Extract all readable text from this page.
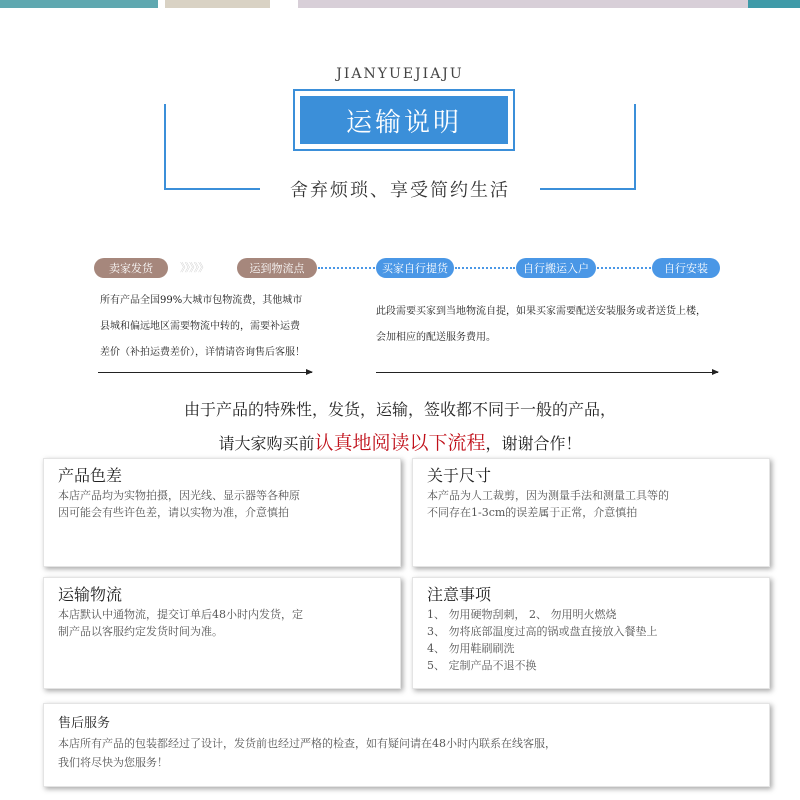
JIANYUEJIAJU
运输说明
舍弃烦琐、享受简约生活
卖家发货	》》》》》	运到物流点	买家自行提货	自行搬运入户	自行安装
所有产品全国99%大城市包物流费，其他城市
县城和偏远地区需要物流中转的，需要补运费
差价（补拍运费差价），详情请咨询售后客服！
此段需要买家到当地物流自提，如果买家需要配送安装服务或者送货上楼，
会加相应的配送服务费用。
由于产品的特殊性，发货，运输，签收都不同于一般的产品，
请大家购买前认真地阅读以下流程，谢谢合作！
产品色差
本店产品均为实物拍摄，因光线、显示器等各种原
因可能会有些许色差，请以实物为准，介意慎拍
关于尺寸
本产品为人工裁剪，因为测量手法和测量工具等的
不同存在1-3cm的误差属于正常，介意慎拍
运输物流
本店默认中通物流，提交订单后48小时内发货，定
制产品以客服约定发货时间为准。
注意事项
1、 勿用硬物刮刺， 2、 勿用明火燃烧
3、 勿将底部温度过高的锅或盘直接放入餐垫上
4、 勿用鞋刷刷洗
5、 定制产品不退不换
售后服务
本店所有产品的包装都经过了设计，发货前也经过严格的检查，如有疑问请在48小时内联系在线客服，
我们将尽快为您服务！
